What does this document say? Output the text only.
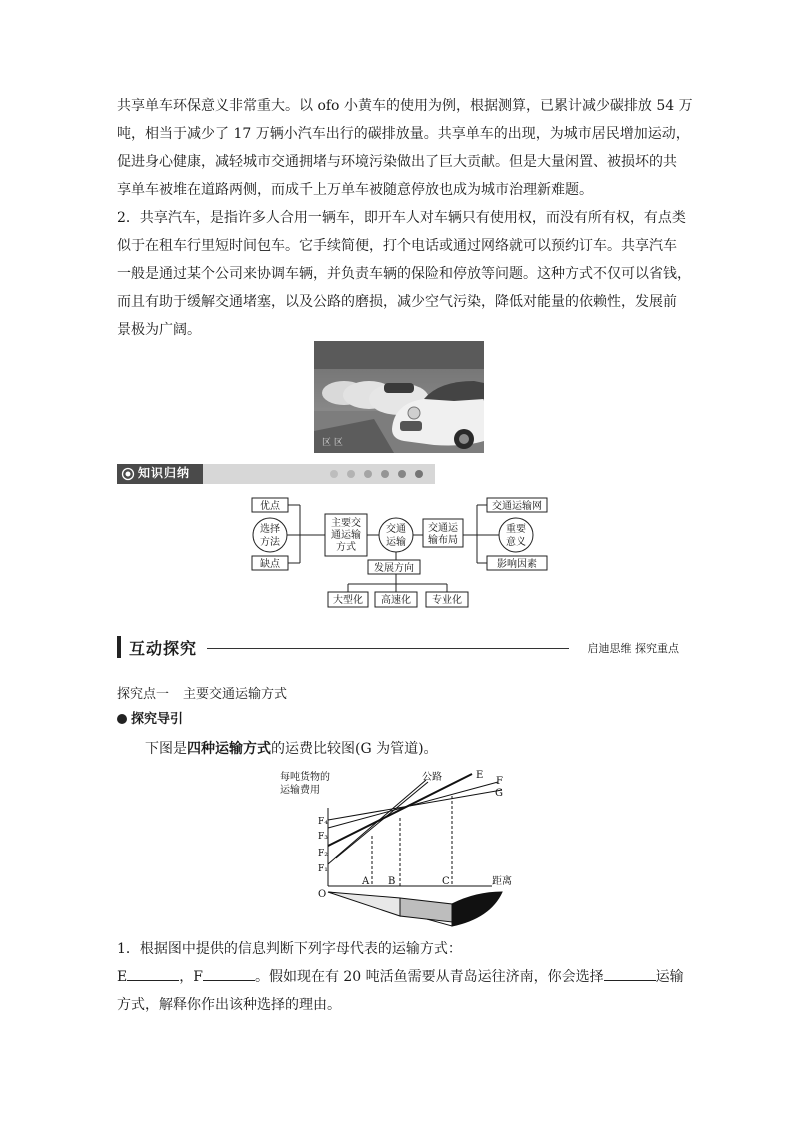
共享单车环保意义非常重大。以 ofo 小黄车的使用为例，根据测算，已累计减少碳排放 54 万
吨，相当于减少了 17 万辆小汽车出行的碳排放量。共享单车的出现，为城市居民增加运动，
促进身心健康，减轻城市交通拥堵与环境污染做出了巨大贡献。但是大量闲置、被损坏的共
享单车被堆在道路两侧，而成千上万单车被随意停放也成为城市治理新难题。
2．共享汽车，是指许多人合用一辆车，即开车人对车辆只有使用权，而没有所有权，有点类
似于在租车行里短时间包车。它手续简便，打个电话或通过网络就可以预约订车。共享汽车
一般是通过某个公司来协调车辆，并负责车辆的保险和停放等问题。这种方式不仅可以省钱，
而且有助于缓解交通堵塞，以及公路的磨损，减少空气污染，降低对能量的依赖性，发展前
景极为广阔。
区 区
知识归纳
优点
缺点
选择
方法
主要交
通运输
方式
交通
运输
交通运
输布局
重要
意义
交通运输网
影响因素
发展方向
大型化 高速化 专业化
互动探究	启迪思维 探究重点
探究点一 主要交通运输方式
探究导引
下图是四种运输方式的运费比较图(G 为管道)。
每吨货物的
运输费用
F₄
F₃
F₂
F₁
O
A B	C	距离
公路	E
F
G
1．根据图中提供的信息判断下列字母代表的运输方式：
E	，F	。假如现在有 20 吨活鱼需要从青岛运往济南，你会选择	运输
方式，解释你作出该种选择的理由。
